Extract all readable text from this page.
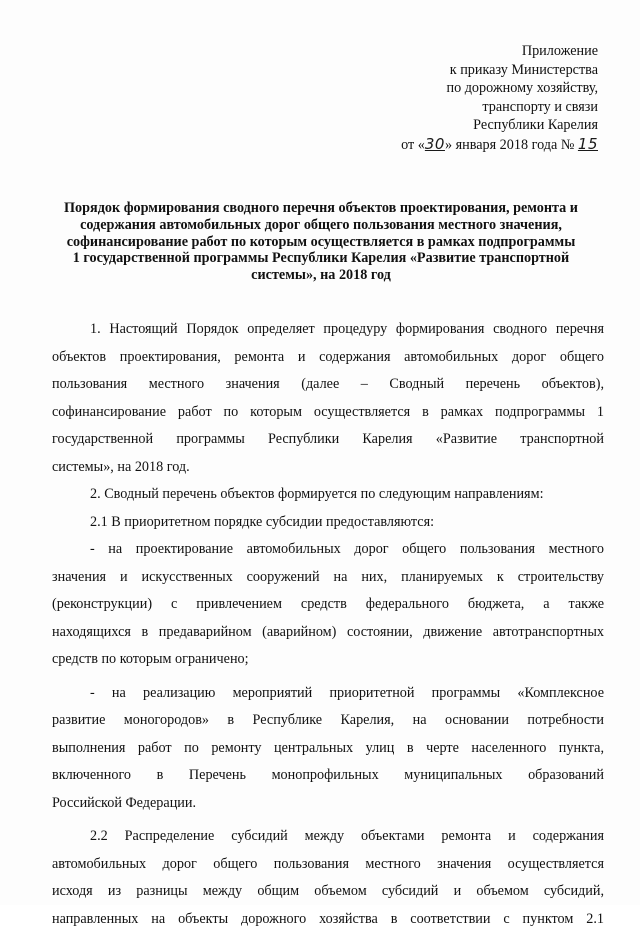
Приложение
к приказу Министерства
по дорожному хозяйству,
транспорту и связи
Республики Карелия
от «30» января 2018 года № 15
Порядок формирования сводного перечня объектов проектирования, ремонта и
содержания автомобильных дорог общего пользования местного значения,
софинансирование работ по которым осуществляется в рамках подпрограммы
1 государственной программы Республики Карелия «Развитие транспортной
системы», на 2018 год
1. Настоящий Порядок определяет процедуру формирования сводного перечня
объектов проектирования, ремонта и содержания автомобильных дорог общего
пользования местного значения (далее – Сводный перечень объектов),
софинансирование работ по которым осуществляется в рамках подпрограммы 1
государственной программы Республики Карелия «Развитие транспортной
системы», на 2018 год.
2. Сводный перечень объектов формируется по следующим направлениям:
2.1 В приоритетном порядке субсидии предоставляются:
- на проектирование автомобильных дорог общего пользования местного
значения и искусственных сооружений на них, планируемых к строительству
(реконструкции) с привлечением средств федерального бюджета, а также
находящихся в предаварийном (аварийном) состоянии, движение автотранспортных
средств по которым ограничено;
- на реализацию мероприятий приоритетной программы «Комплексное
развитие моногородов» в Республике Карелия, на основании потребности
выполнения работ по ремонту центральных улиц в черте населенного пункта,
включенного в Перечень монопрофильных муниципальных образований
Российской Федерации.
2.2 Распределение субсидий между объектами ремонта и содержания
автомобильных дорог общего пользования местного значения осуществляется
исходя из разницы между общим объемом субсидий и объемом субсидий,
направленных на объекты дорожного хозяйства в соответствии с пунктом 2.1
